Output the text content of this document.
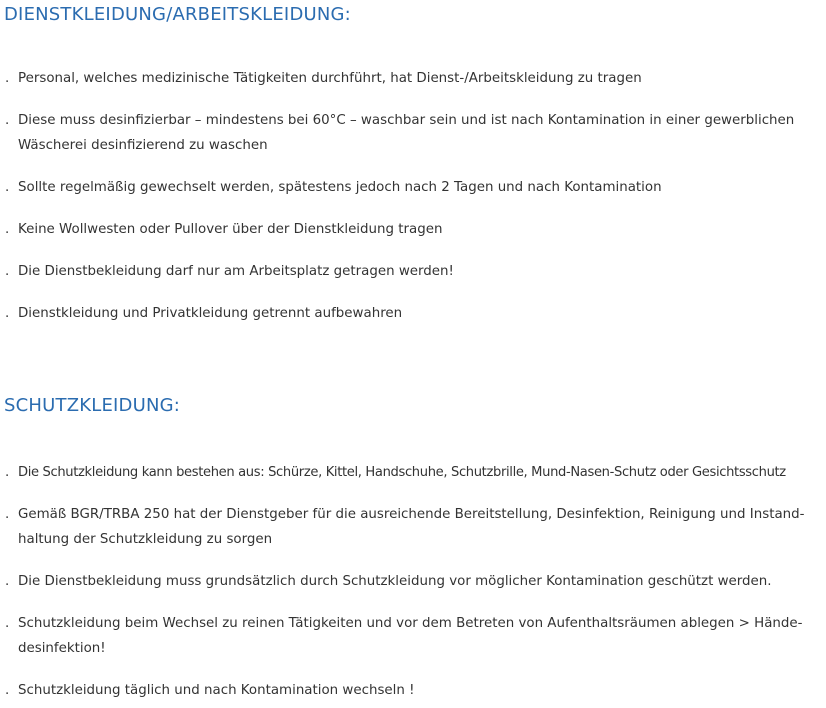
DIENSTKLEIDUNG/ARBEITSKLEIDUNG:
. Personal, welches medizinische Tätigkeiten durchführt, hat Dienst-/Arbeitskleidung zu tragen
. Diese muss desinfizierbar – mindestens bei 60°C – waschbar sein und ist nach Kontamination in einer gewerblichen Wäscherei desinfizierend zu waschen
. Sollte regelmäßig gewechselt werden, spätestens jedoch nach 2 Tagen und nach Kontamination
. Keine Wollwesten oder Pullover über der Dienstkleidung tragen
. Die Dienstbekleidung darf nur am Arbeitsplatz getragen werden!
. Dienstkleidung und Privatkleidung getrennt aufbewahren
SCHUTZKLEIDUNG:
. Die Schutzkleidung kann bestehen aus: Schürze, Kittel, Handschuhe, Schutzbrille, Mund-Nasen-Schutz oder Gesichtsschutz
. Gemäß BGR/TRBA 250 hat der Dienstgeber für die ausreichende Bereitstellung, Desinfektion, Reinigung und Instandhaltung der Schutzkleidung zu sorgen
. Die Dienstbekleidung muss grundsätzlich durch Schutzkleidung vor möglicher Kontamination geschützt werden.
. Schutzkleidung beim Wechsel zu reinen Tätigkeiten und vor dem Betreten von Aufenthaltsräumen ablegen > Händedesinfektion!
. Schutzkleidung täglich und nach Kontamination wechseln !
